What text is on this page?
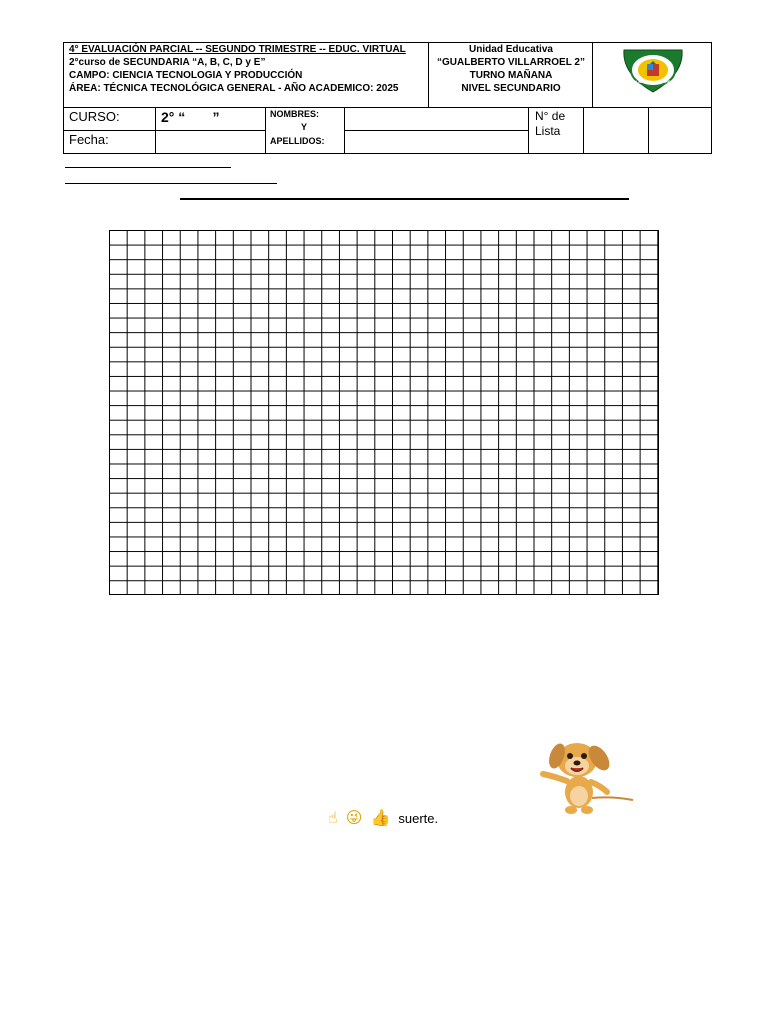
4° EVALUACIÓN PARCIAL -- SEGUNDO TRIMESTRE -- EDUC. VIRTUAL
2°curso de SECUNDARIA “A, B, C, D y E”
CAMPO: CIENCIA TECNOLOGIA Y PRODUCCIÓN
ÁREA: TÉCNICA TECNOLÓGICA GENERAL - AÑO ACADEMICO: 2025
Unidad Educativa
“GUALBERTO VILLARROEL 2”
TURNO MAÑANA
NIVEL SECUNDARIO
COL. NAL.
GUALBERTO VILLARROEL
CURSO:	2° “       ”
Fecha:
NOMBRES:
Y
APELLIDOS:
N° de Lista
☝ 😜 👍 suerte.
